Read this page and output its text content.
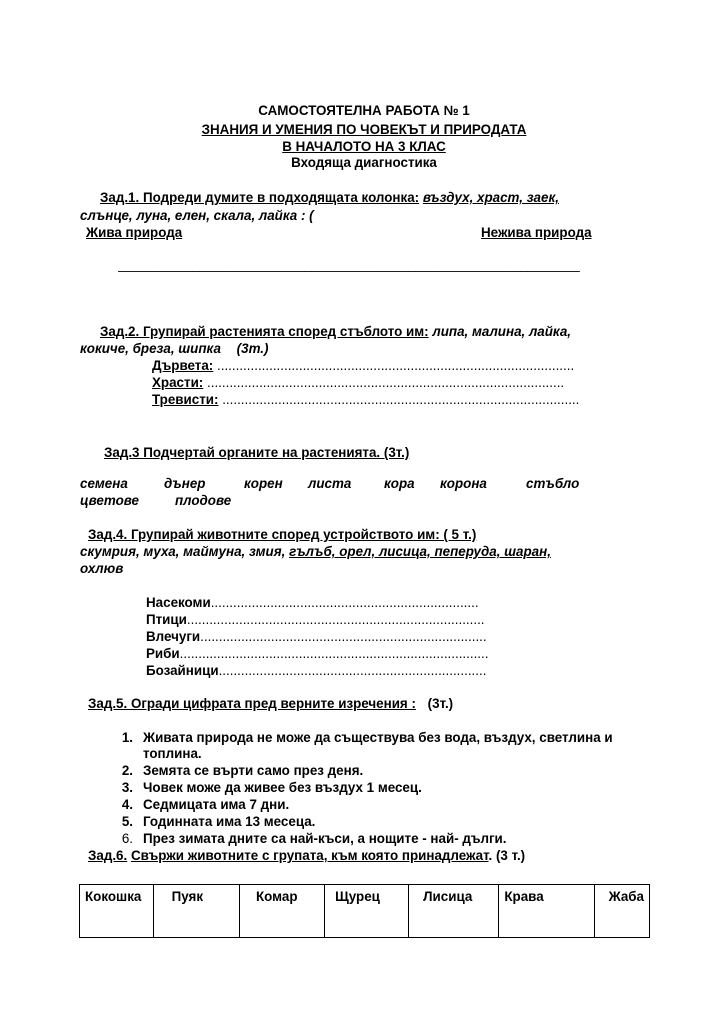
САМОСТОЯТЕЛНА РАБОТА № 1
ЗНАНИЯ И УМЕНИЯ ПО ЧОВЕКЪТ И ПРИРОДАТА
В НАЧАЛОТО НА 3 КЛАС
Входяща диагностика
Зад.1. Подреди думите в подходящата колонка: въздух, храст, заек,
слънце, луна, елен, скала, лайка : (
Жива природа	Нежива природа
______________________________________________________________
Зад.2. Групирай растенията според стъблото им: липа, малина, лайка,
кокиче, бреза, шипка (3т.)
Дървета: ................................................................................................
Храсти: ................................................................................................
Тревисти: ................................................................................................
Зад.3 Подчертай органите на растенията. (3т.)
семена	дънер	корен листа кора корона	стъбло
цветове	плодове
Зад.4. Групирай животните според устройството им: ( 5 т.)
скумрия, муха, маймуна, змия, гълъб, орел, лисица, пеперуда, шаран,
охлюв
Насекоми........................................................................
Птици................................................................................
Влечуги.............................................................................
Риби...................................................................................
Бозайници........................................................................
Зад.5. Огради цифрата пред верните изречения : (3т.)
1. Живата природа не може да съществува без вода, въздух, светлина и
топлина.
2. Земята се върти само през деня.
3. Човек може да живее без въздух 1 месец.
4. Седмицата има 7 дни.
5. Годинната има 13 месеца.
6. През зимата дните са най-къси, а нощите - най- дълги.
Зад.6. Свържи животните с групата, към която принадлежат. (3 т.)
Кокошка	Пуяк	Комар	Щурец	Лисица	Крава	Жаба
